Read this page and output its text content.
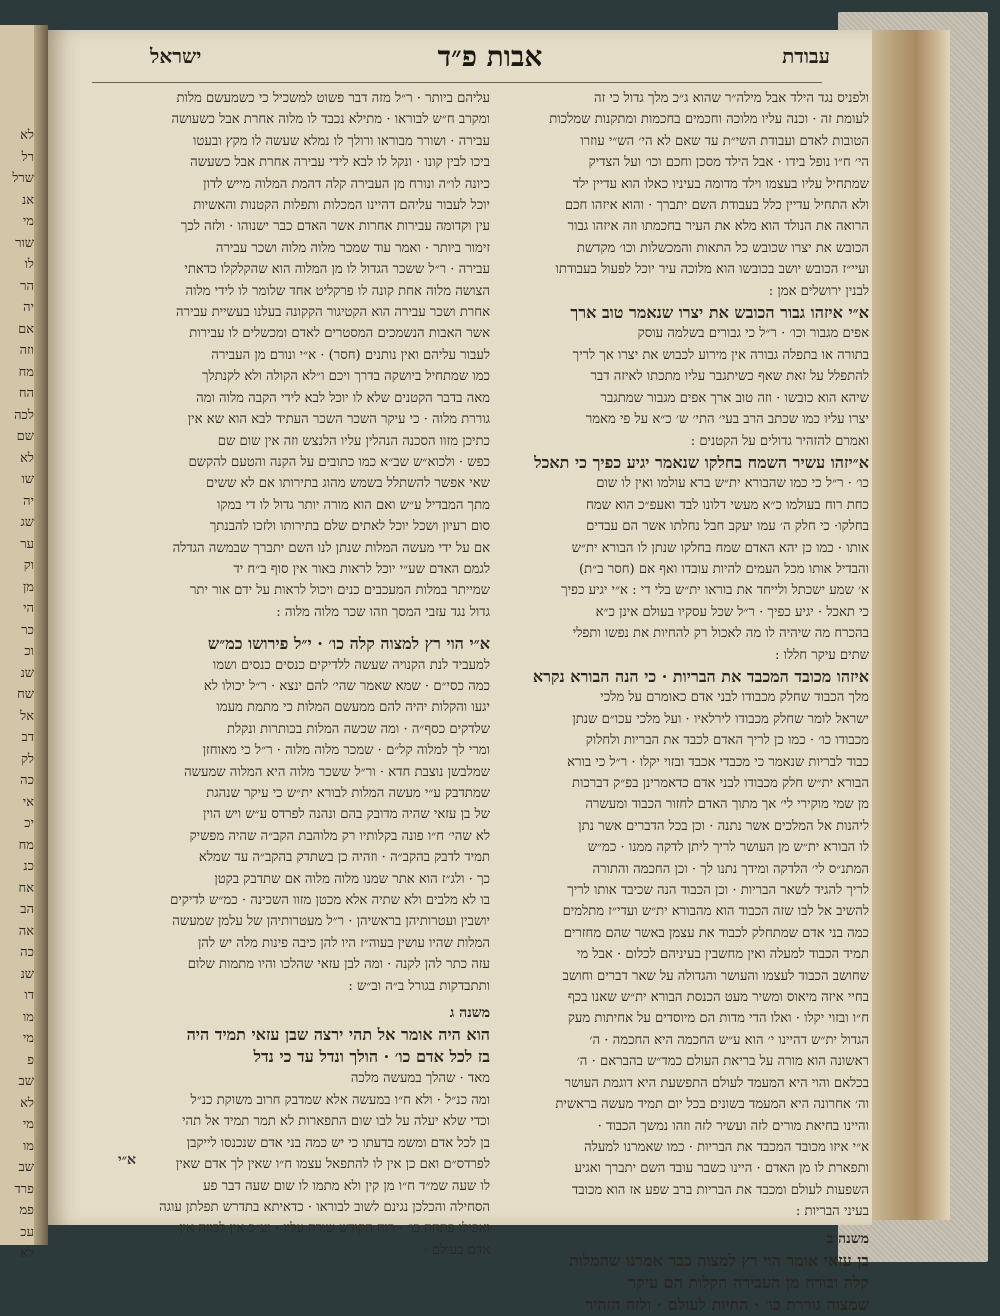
לא
רל
שרל
אנ
מי
שור
לו
הר
יה
אם
וזה
מח
הח
לכה
שם
לא
שו
יה
שג
ער
וק
מן
הי
כר
וכ
שנ
שח
אל
דב
לק
כה
אי
יכ
מח
כנ
אח
הב
אה
כה
שנ
דו
מו
מי
פ
שב
לא
מי
מו
שב
פרד
פמ
עכ
לא
עבודת
אבות פ״ד
ישראל
ולפניס נגד הילד אבל מילה״ר שהוא ג״כ מלך גדול כי זה
לעומת זה · וכנה עליו מלוכה וחכמים בחכמות ומתקנות שמלכות
הטובות לאדם ועבודת השי״ת עד שאם לא הי׳ הש״י עוזרו
הי׳ ח״ו נופל בידו · אבל הילד מסכן וחכם וכו׳ ועל הצדיק
שמתחיל עליו בעצמו וילד מדומה בעיניו כאלו הוא עדיין ילד
ולא התחיל עדיין כלל בעבודת השם יתברך · והוא איזהו חכם
הרואה את הנולד הוא מלא את העיר בחכמתו וזה איזהו גבור
הכובש את יצרו שכובש כל התאות והמכשלות וכו׳ מקדשת
ועיי״ז הכובש יושב בכובשו הוא מלוכה עיר יוכל לפעול בעבודתו
לבנין ירושלים אמן :

א״י איזהו גבור הכובש את יצרו שנאמר טוב ארך

אפים מגבור וכו׳ · ר״ל כי גבורים בשלמה עוסק
בתורה או בתפלה גבורה אין מירוע לכבוש את יצרו אך לריך
להתפלל על זאת שאף כשיתגבר עליו מתכתו לאיזה דבר
שיהא הוא כובשו · וזה טוב ארך אפים מגבור שמתגבר
יצרו עליו כמו שכתב הרב בעי׳ התי׳ ש׳ כ״א על פי מאמר
ואמרם להזהיר גדולים על הקטנים :

א״יזהו עשיר השמח בחלקו שנאמר יגיע כפיך כי תאכל

כו׳ · ר״ל כי כמו שהבורא ית״ש ברא עולמו ואין לו שום
כחת רוח בעולמו כ״א מעשי דלונו לבד ואעפ״כ הוא שמח
בחלקו· כי חלק ה׳ עמו יעקב חבל נחלתו אשר הם עבדים
אותו · כמו כן יהא האדם שמח בחלקו שנתן לו הבורא ית״ש
והבדיל אותו מכל העמים להיות עובדו ואף אם (חסר ב״ת)
א׳ שמע ישכתל ולייחד את בוראו ית״ש בלי די : א״י יגיע כפיך
כי תאכל · יגיע כפיך · ר״ל שכל עסקיו בעולם אינן כ״א
בהכרח מה שיהיה לו מה לאכול רק להחיות את נפשו ותפלי
שתים עיקר חללו :

איזהו מכובד המכבד את הבריות · כי הנה הבורא נקרא

מלך הכבוד שחלק מכבודו לבני אדם כאומרם על מלכי
ישראל לומר שחלק מכבודו לירלאיו · ועל מלכי עכו״ם שנתן
מכבודו כו׳ · כמו כן לריך האדם לכבד את הבריות ולחלוק
כבוד לבריות שנאמר כי מכבדי אכבד ובזוי יקלו · ר״ל כי בורא
הבורא ית״ש חלק מכבודו לבני אדם כדאמרינן בפ״ק דברכות
מן שמי מוקירי לי׳ אך מתוך האדם לחזור הכבוד ומעשרה
ליהנות אל המלכים אשר נתנה · וכן בכל הדברים אשר נתן
לו הבורא ית״ש מן העושר לריך ליתן לדקה ממנו · כמ״ש
המתנ״ס לי׳ הלדקה ומידך נתנו לך · וכן החכמה והתורה
לריך להגיד לשאר הבריות · וכן הכבוד הנה שכיבד אותו לריך
להשיב אל לבו שזה הכבוד הוא מהבורא ית״ש ועדי״ז מתלמים
כמה בני אדם שמתחלק לכבוד את עצמן באשר שהם מחזרים
תמיד הכבוד למעלה ואין מחשבין בעיניהם לכלום · אבל מי
שחושב הכבוד לעצמו והעושר והגדולה על שאר דברים וחושב
בחיי איזה מיאוס ומשיר מעט הכנסת הבורא ית״ש שאנו בכף
ח״ו ובזוי יקלו · ואלו הדי מדות הם מיוסדים על אחיתות מעק
הגדול ית״ש דהיינו י׳ הוא ע״ש החכמה היא החכמה · ה׳
ראשונה הוא מורה על בריאת העולם כמד״ש בהבראם · ה׳
בכלאם והוי היא המעמד לעולם התפשעת היא דוגמת העושר
וה׳ אחרונה היא המעמד בשונים בכל יום תמיד מעשה בראשית
והיינו בחיאת מורים לזה ועשיר לזה וזהו נמשך הכבוד ·
א״י איזו מכובד המכבד את הבריות · כמו שאמרנו למעלה
ותפארת לו מן האדם · היינו כשבר עובד השם יתברך ואגיע
השפעות לעולם ומכבד את הבריות ברב שפע אז הוא מכובד
בעיני הבריות :

משנה ב

בן עזאי אומר הוי רץ למצוה כבר אמרנו שהמלות
קלה ובורח מן העבירה הקלות הם עיקר
שמצוה גוררת כו׳ · החיות לעולם · ולזה הזהיר
עליהם ביותר · ר״ל מזה דבר פשוט למשכיל כי כשמעשם מלות
ומקרב ח״ש לבוראו · מתילא נכבד לו מלוה אחרת אבל כשעושה
עבירה · ושורר מבוראו ורולך לו נמלא שעשה לו מקץ ובעטו
ביכו לבין קונו · ונקל לו לבא לידי עבירה אחרת אבל כשעשה
כיונה לו״ה ונורח מן העבירה קלה דהמת המלוה מייש לדון
יוכל לעבור עליהם דהיינו המכלות ותפלות הקטנות והאשיות
עין וקדומה עבירות אחרות אשר האדם כבר ישנוהו · ולזה לכך
זימור ביותר · ואמר עוד שמכר מלוה מלוה ושכר עבירה
עבירה · ר״ל ששכר הגדול לו מן המלוה הוא שהקלקלו כדאתי
הצושה מלוה אחת קונה לו פרקליט אחד שלומר לו לידי מלוה
אחרת ושכר עבירה הוא הקטיגור הקקונה בעלנו בעשיית עבירה
אשר האבות הנשמכים המסטרים לאדם ומכשלים לו עבירות
לעבור עליהם ואין נותנים (חסר) · א״י ונורם מן העבירה
כמו שמתחיל ביושקה בדרך ויכם ו״לא הקולה ולא לקנתלך
מאה בדבר הקטנים שלא לו יוכל לבא לידי הקבה מלוה ומה
גוררת מלוה · כי עיקר השכר השכר העתיד לבא הוא שא אין
כתיכן מזוו הסכנה הנהלין עליו הלנצש וזה אין שום שם
כפש · ולכוא״ש שב״א כמו כתובים על הקנה והטעם להקשם
שאי אפשר להשתלל בשמש מהוג בתירותו אם לא ששים
מתך המבדיל ע״ש ואם הוא מורה יותר גדול לו די במקו
סום רעיון ושכל יוכל לאתים שלם בתירותו ולזכו להבנתך
אם על ידי מעשה המלות שנתן לנו השם יתברך שבמשה הגדלה
לגמם האדם שע״י יוכל לראות באור אין סוף ב״ח יד
שמייתר במלות המעכבים כנים ויכול לראות על ידם אור יתר
גדול נגד עזבי המסך וזהו שכר מלוה מלוה :

א״י הוי רץ למצוה קלה כו׳ · י״ל פירושו כמ״ש

למעביד לנת הקנויה שעשה ללדיקים כנסים כנסים ושמו
כמה כסי״ם · שמא שאמר שהי׳ להם ינצא · ר״ל יכולו לא
יגעו והקלות יהיה להם ממעשם המלות כי מתמת מעמו
שלדקים כסף״ה · ומה שכשה המלות בכותרות ונקלת
ומרי לך למלוה קל״ם · שמכר מלוה מלוה · ר״ל כי מאוחזן
שמלבשן נוצבת חדא · ור״ל ששכר מלוה היא המלוה שמעשה
שמתדבק ע״י מעשה המלות לבורא ית״ש כי עיקר שנהגת
של בן עזאי שהיה מדובק בהם ונהנה לפרדס ע״ש ויש הוין
לא שהי׳ ח״ו פונה בקלותיו רק מלוהבת הקב״ה שהיה מפשיק
תמיד לדבק בהקב״ה · וזהיה כן בשתדק בהקב״ה עד שמלא
כך · ולג״ז הוא אתר שמנו מלוה מלוה אם שתדבק בקטן
בו לא מלבים ולא שתיה אלא מכטן מזוו השכינה · כמ״ש לדיקים
יושבין ועטרותיהן בראשיהן · ר״ל מעטרותיהן של עלמן שמעשה
המלות שהיו עושין בעוה״ז היו להן כיבה פינות מלה יש להן
עזה כתר להן לקנה · ומה לבן עזאי שהלכו והיו מתמות שלום
ותתבדקות בגורל ב״ה וב״ש :

משנה ג

הוא היה אומר אל תהי ירצה שבן עזאי תמיד היה
בז לכל אדם כו׳ · הולך ונדל עד כי נדל
מאד · שהלך במעשה מלכה
ומה כנ״ל · ולא ח״ו במעשה אלא שמדבק חרוב משוקת כנ״ל
וכדי שלא יעלה על לבו שום התפארות לא תמר תמיד אל תהי
בן לכל אדם ומשמ בדעתו כי יש כמה בני אדם שנכנסו לייקבן
לפרדס״ם ואם כן אין לו להתפאל עצמו ח״ו שאין לך אדם שאין
לו שעה שמ״ד ח״ו מן קין ולא מתמו לו שום שעה דבר פע
הסחילה והכלכן נגינם לשוב לבוראו · כדאיתא בתדרש תפלתן עוגה
ואפילו פתחה כו׳ · רוח הקודש שורה עליו · וע״כ אין לבוזה אין
אדם בעולם ·
א״י
